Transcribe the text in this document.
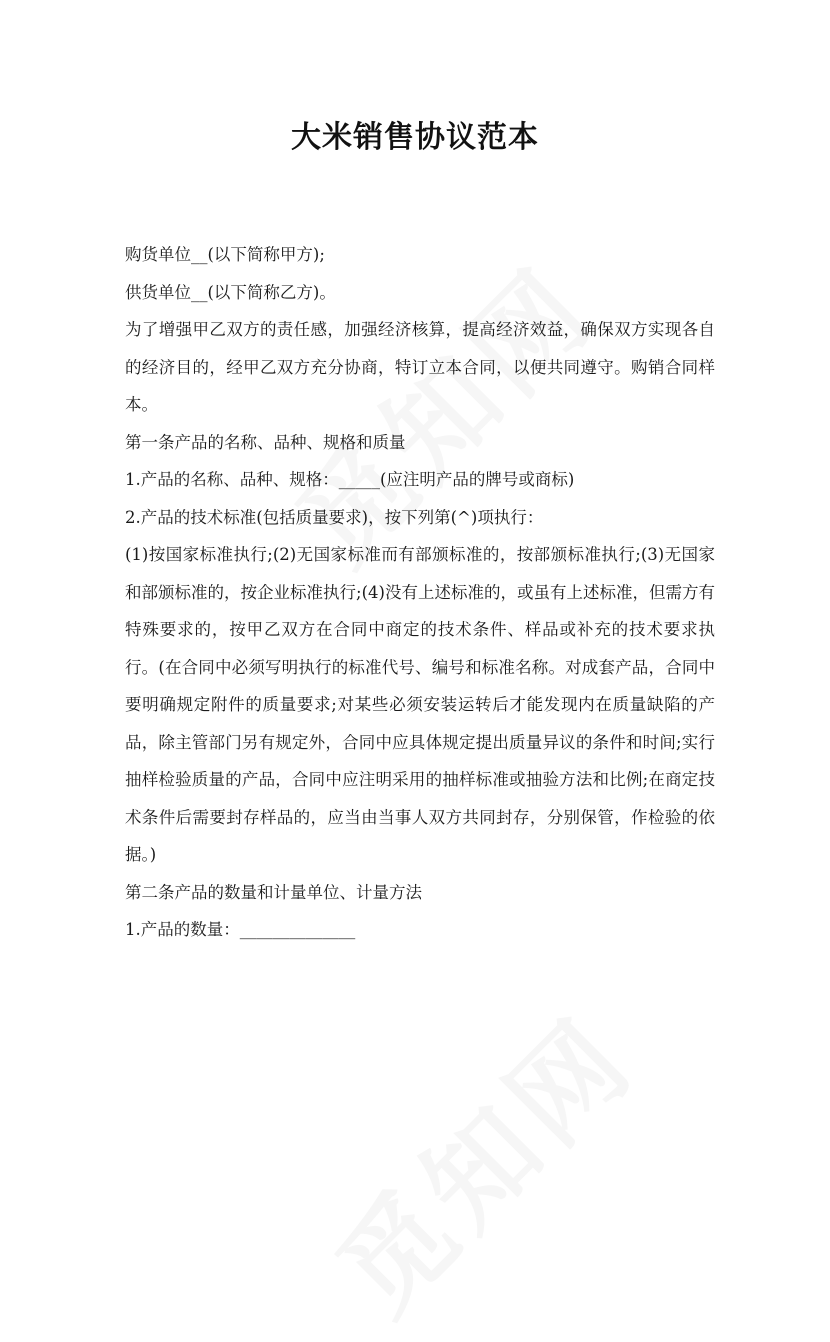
大米销售协议范本

购货单位__(以下简称甲方);

供货单位__(以下简称乙方)。

为了增强甲乙双方的责任感，加强经济核算，提高经济效益，确保双方实现各自的经济目的，经甲乙双方充分协商，特订立本合同，以便共同遵守。购销合同样本。

第一条产品的名称、品种、规格和质量

1.产品的名称、品种、规格：_____(应注明产品的牌号或商标)

2.产品的技术标准(包括质量要求)，按下列第(^)项执行：

(1)按国家标准执行;(2)无国家标准而有部颁标准的，按部颁标准执行;(3)无国家和部颁标准的，按企业标准执行;(4)没有上述标准的，或虽有上述标准，但需方有特殊要求的，按甲乙双方在合同中商定的技术条件、样品或补充的技术要求执行。(在合同中必须写明执行的标准代号、编号和标准名称。对成套产品，合同中要明确规定附件的质量要求;对某些必须安装运转后才能发现内在质量缺陷的产品，除主管部门另有规定外，合同中应具体规定提出质量异议的条件和时间;实行抽样检验质量的产品，合同中应注明采用的抽样标准或抽验方法和比例;在商定技术条件后需要封存样品的，应当由当事人双方共同封存，分别保管，作检验的依据。)

第二条产品的数量和计量单位、计量方法

1.产品的数量：______________
